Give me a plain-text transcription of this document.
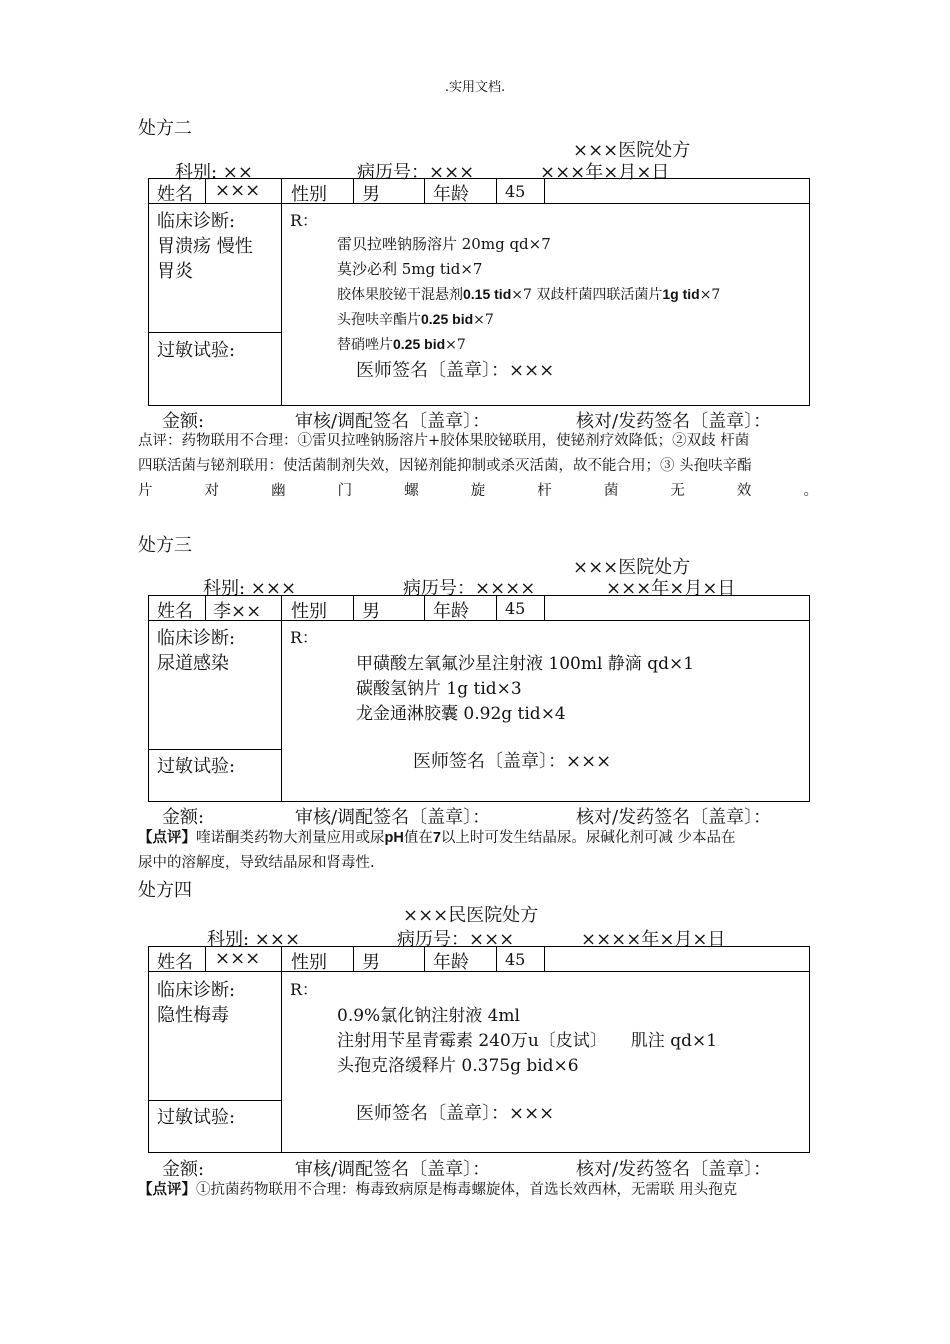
.实用文档.
处方二
×××医院处方
科别: ××	病历号：×××	×××年×月×日
姓名 ××× 性别 男	年龄 45
临床诊断:
胃溃疡 慢性
胃炎
过敏试验:
R：
雷贝拉唑钠肠溶片 20mg qd×7
莫沙必利 5mg tid×7
胶体果胶铋干混悬剂0.15 tid×7 双歧杆菌四联活菌片1g tid×7
头孢呋辛酯片0.25 bid×7
替硝唑片0.25 bid×7
医师签名〔盖章〕：×××
金额:	审核/调配签名〔盖章〕：	核对/发药签名〔盖章〕：
点评：药物联用不合理：①雷贝拉唑钠肠溶片+胶体果胶铋联用，使铋剂疗效降低；②双歧 杆菌
四联活菌与铋剂联用：使活菌制剂失效，因铋剂能抑制或杀灭活菌，故不能合用；③ 头孢呋辛酯
片	对	幽	门	螺	旋	杆	菌	无	效	。
处方三
×××医院处方
科别: ×××	病历号：××××	×××年×月×日
姓名 李×× 性别 男	年龄 45
临床诊断:
尿道感染
过敏试验:
R：
甲磺酸左氧氟沙星注射液 100ml 静滴 qd×1
碳酸氢钠片 1g tid×3
龙金通淋胶囊 0.92g tid×4
医师签名〔盖章〕：×××
金额:	审核/调配签名〔盖章〕：	核对/发药签名〔盖章〕：
【点评】喹诺酮类药物大剂量应用或尿pH值在7以上时可发生结晶尿。尿碱化剂可减 少本品在
尿中的溶解度，导致结晶尿和肾毒性.
处方四
×××民医院处方
科别: ×××	病历号：×××	××××年×月×日
姓名 ××× 性别 男	年龄 45
临床诊断:
隐性梅毒
过敏试验:
R：
0.9%氯化钠注射液 4ml
注射用苄星青霉素 240万u〔皮试〕 肌注 qd×1
头孢克洛缓释片 0.375g bid×6
医师签名〔盖章〕：×××
金额:	审核/调配签名〔盖章〕：	核对/发药签名〔盖章〕：
【点评】①抗菌药物联用不合理：梅毒致病原是梅毒螺旋体，首选长效西林，无需联 用头孢克
